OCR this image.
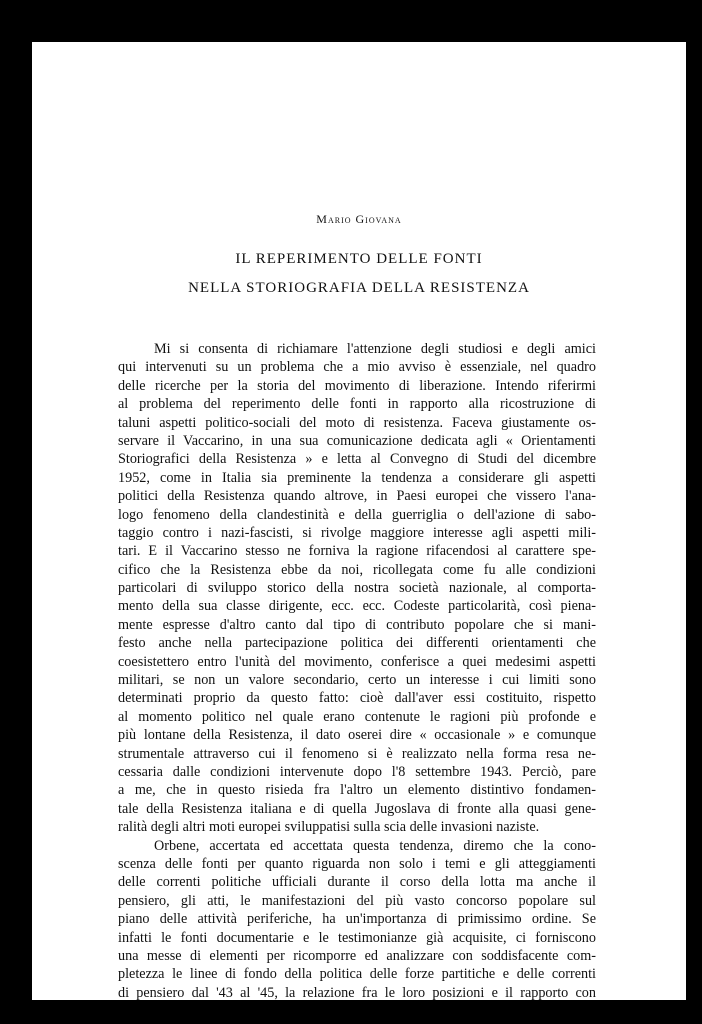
Mario Giovana
IL REPERIMENTO DELLE FONTI
NELLA STORIOGRAFIA DELLA RESISTENZA
Mi si consenta di richiamare l'attenzione degli studiosi e degli amici
qui intervenuti su un problema che a mio avviso è essenziale, nel quadro
delle ricerche per la storia del movimento di liberazione. Intendo riferirmi
al problema del reperimento delle fonti in rapporto alla ricostruzione di
taluni aspetti politico-sociali del moto di resistenza. Faceva giustamente os-
servare il Vaccarino, in una sua comunicazione dedicata agli « Orientamenti
Storiografici della Resistenza » e letta al Convegno di Studi del dicembre
1952, come in Italia sia preminente la tendenza a considerare gli aspetti
politici della Resistenza quando altrove, in Paesi europei che vissero l'ana-
logo fenomeno della clandestinità e della guerriglia o dell'azione di sabo-
taggio contro i nazi-fascisti, si rivolge maggiore interesse agli aspetti mili-
tari. E il Vaccarino stesso ne forniva la ragione rifacendosi al carattere spe-
cifico che la Resistenza ebbe da noi, ricollegata come fu alle condizioni
particolari di sviluppo storico della nostra società nazionale, al comporta-
mento della sua classe dirigente, ecc. ecc. Codeste particolarità, così piena-
mente espresse d'altro canto dal tipo di contributo popolare che si mani-
festo anche nella partecipazione politica dei differenti orientamenti che
coesistettero entro l'unità del movimento, conferisce a quei medesimi aspetti
militari, se non un valore secondario, certo un interesse i cui limiti sono
determinati proprio da questo fatto: cioè dall'aver essi costituito, rispetto
al momento politico nel quale erano contenute le ragioni più profonde e
più lontane della Resistenza, il dato oserei dire « occasionale » e comunque
strumentale attraverso cui il fenomeno si è realizzato nella forma resa ne-
cessaria dalle condizioni intervenute dopo l'8 settembre 1943. Perciò, pare
a me, che in questo risieda fra l'altro un elemento distintivo fondamen-
tale della Resistenza italiana e di quella Jugoslava di fronte alla quasi gene-
ralità degli altri moti europei sviluppatisi sulla scia delle invasioni naziste.
Orbene, accertata ed accettata questa tendenza, diremo che la cono-
scenza delle fonti per quanto riguarda non solo i temi e gli atteggiamenti
delle correnti politiche ufficiali durante il corso della lotta ma anche il
pensiero, gli atti, le manifestazioni del più vasto concorso popolare sul
piano delle attività periferiche, ha un'importanza di primissimo ordine. Se
infatti le fonti documentarie e le testimonianze già acquisite, ci forniscono
una messe di elementi per ricomporre ed analizzare con soddisfacente com-
pletezza le linee di fondo della politica delle forze partitiche e delle correnti
di pensiero dal '43 al '45, la relazione fra le loro posizioni e il rapporto con
